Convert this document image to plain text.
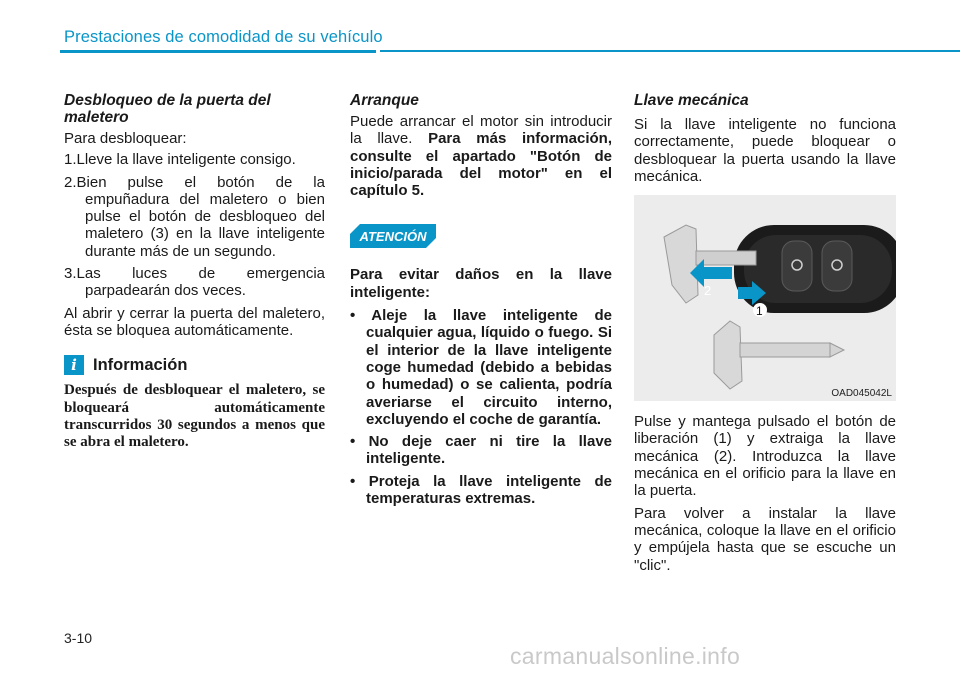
Prestaciones de comodidad de su vehículo
Desbloqueo de la puerta del maletero

Para desbloquear:

1.Lleve la llave inteligente consigo.

2.Bien pulse el botón de la empuñadura del maletero o bien pulse el botón de desbloqueo del maletero (3) en la llave inteligente durante más de un segundo.

3.Las luces de emergencia parpadearán dos veces.

Al abrir y cerrar la puerta del maletero, ésta se bloquea automáticamente.

i Información

Después de desbloquear el maletero, se bloqueará automáticamente transcurridos 30 segundos a menos que se abra el maletero.

Arranque

Puede arrancar el motor sin introducir la llave. Para más información, consulte el apartado "Botón de inicio/parada del motor" en el capítulo 5.

ATENCIÓN

Para evitar daños en la llave inteligente:

• Aleje la llave inteligente de cualquier agua, líquido o fuego. Si el interior de la llave inteligente coge humedad (debido a bebidas o humedad) o se calienta, podría averiarse el circuito interno, excluyendo el coche de garantía.

• No deje caer ni tire la llave inteligente.

• Proteja la llave inteligente de temperaturas extremas.

Llave mecánica

Si la llave inteligente no funciona correctamente, puede bloquear o desbloquear la puerta usando la llave mecánica.

2
1
OAD045042L

Pulse y mantega pulsado el botón de liberación (1) y extraiga la llave mecánica (2). Introduzca la llave mecánica en el orificio para la llave en la puerta.

Para volver a instalar la llave mecánica, coloque la llave en el orificio y empújela hasta que se escuche un "clic".

3-10
carmanualsonline.info
